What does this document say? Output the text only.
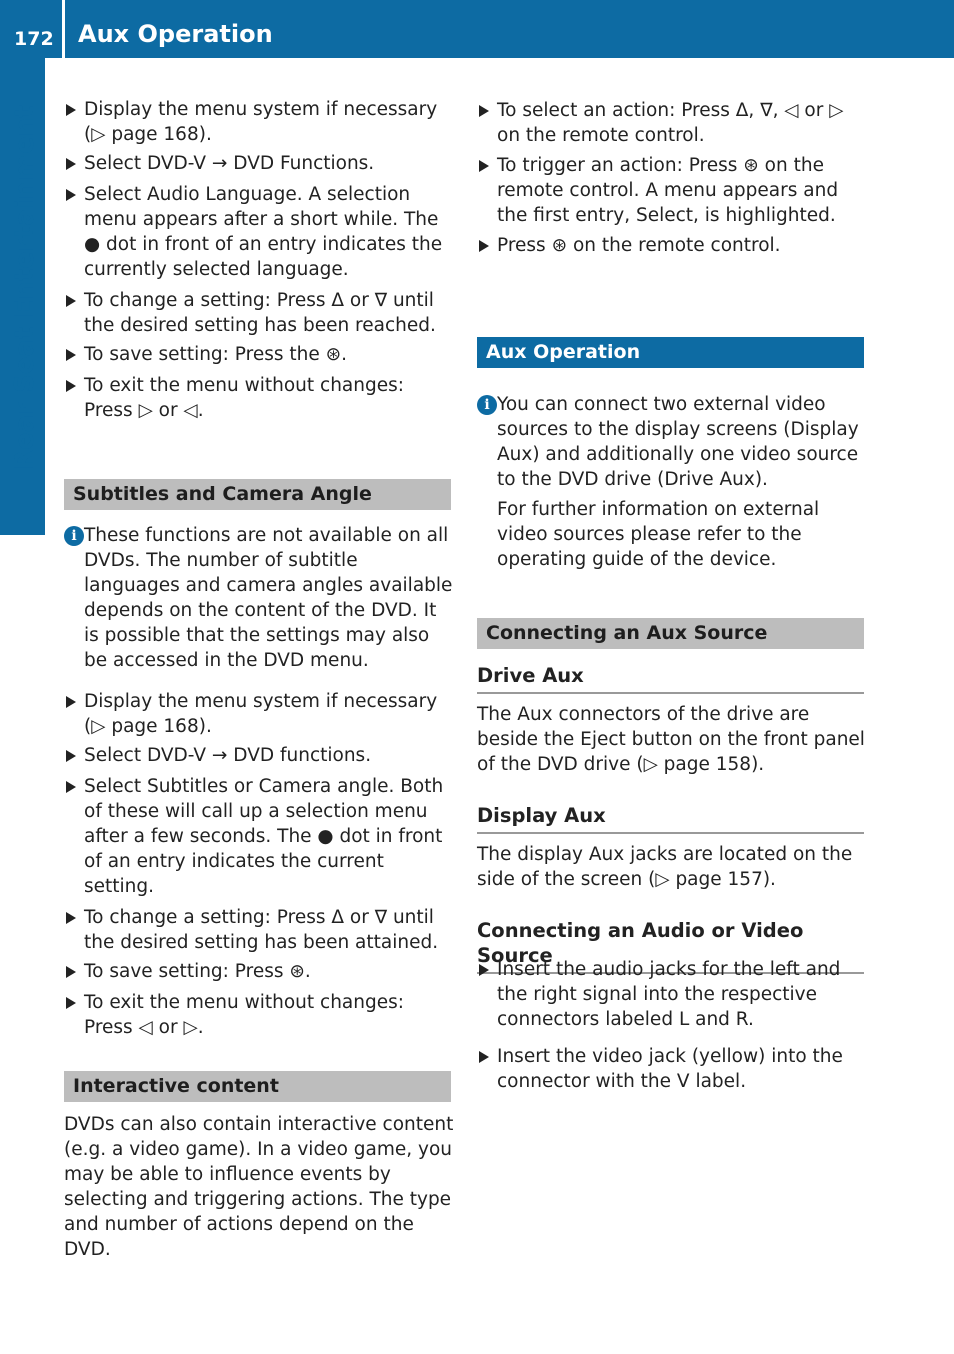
172 Aux Operation
Rear Seat Entertainment	Display the menu system if necessary (▷ page 168).
Select DVD-V → DVD Functions.
Select Audio Language. A selection menu appears after a short while. The ● dot in front of an entry indicates the currently selected language.
To change a setting: Press Δ or ∇ until the desired setting has been reached.
To save setting: Press the ⊛.
To exit the menu without changes: Press ▷ or ◁.
Subtitles and Camera Angle
i These functions are not available on all DVDs. The number of subtitle languages and camera angles available depends on the content of the DVD. It is possible that the settings may also be accessed in the DVD menu.
Display the menu system if necessary (▷ page 168).
Select DVD-V → DVD functions.
Select Subtitles or Camera angle. Both of these will call up a selection menu after a few seconds. The ● dot in front of an entry indicates the current setting.
To change a setting: Press Δ or ∇ until the desired setting has been attained.
To save setting: Press ⊛.
To exit the menu without changes: Press ◁ or ▷.
Interactive content
DVDs can also contain interactive content (e.g. a video game). In a video game, you may be able to influence events by selecting and triggering actions. The type and number of actions depend on the DVD.
To select an action: Press Δ, ∇, ◁ or ▷ on the remote control.
To trigger an action: Press ⊛ on the remote control. A menu appears and the first entry, Select, is highlighted.
Press ⊛ on the remote control.
Aux Operation
i You can connect two external video sources to the display screens (Display Aux) and additionally one video source to the DVD drive (Drive Aux).
For further information on external video sources please refer to the operating guide of the device.
Connecting an Aux Source
Drive Aux
The Aux connectors of the drive are beside the Eject button on the front panel of the DVD drive (▷ page 158).
Display Aux
The display Aux jacks are located on the side of the screen (▷ page 157).
Connecting an Audio or Video Source
Insert the audio jacks for the left and the right signal into the respective connectors labeled L and R.
Insert the video jack (yellow) into the connector with the V label.
